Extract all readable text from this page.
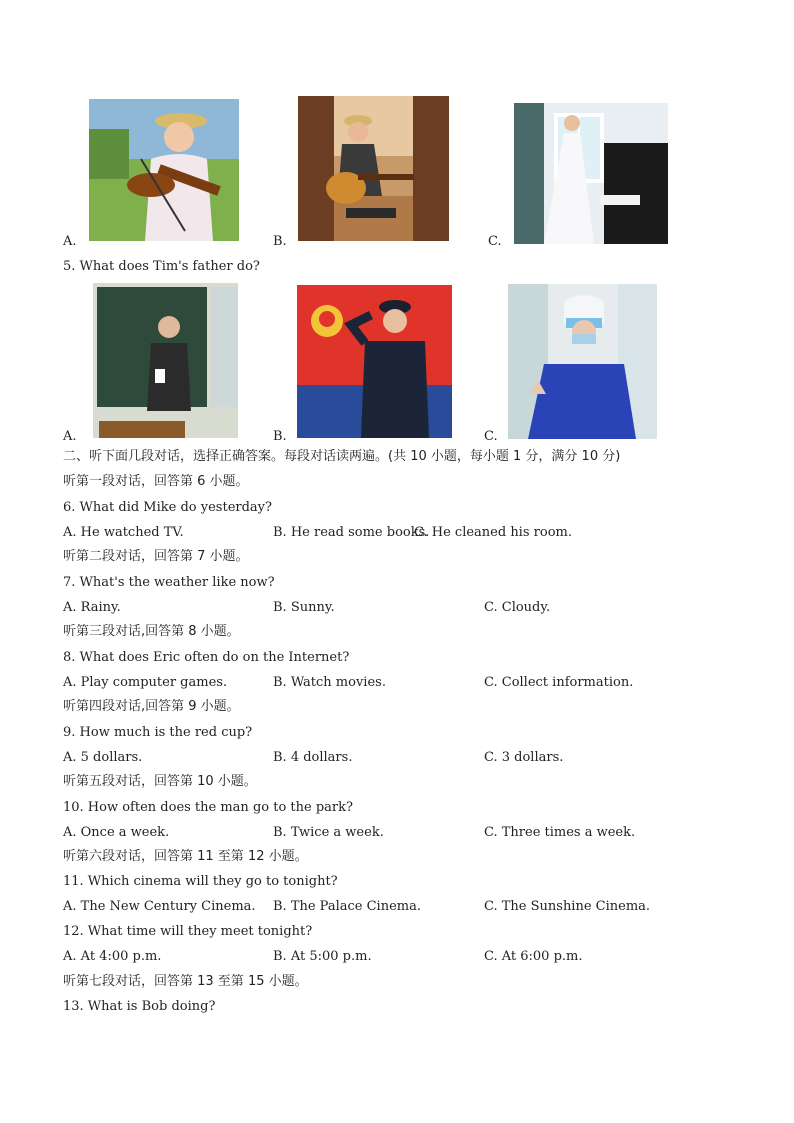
A.	B.	C.
5. What does Tim's father do?
A.	B.	C.
二、听下面几段对话，选择正确答案。每段对话读两遍。(共 10 小题，每小题 1 分，满分 10 分)
听第一段对话，回答第 6 小题。
6. What did Mike do yesterday?
A. He watched TV.	B. He read some books.
C. He cleaned his room.
听第二段对话，回答第 7 小题。
7. What's the weather like now?
A. Rainy.	B. Sunny.	C. Cloudy.
听第三段对话,回答第 8 小题。
8. What does Eric often do on the Internet?
A. Play computer games.	B. Watch movies.	C. Collect information.
听第四段对话,回答第 9 小题。
9. How much is the red cup?
A. 5 dollars.	B. 4 dollars.	C. 3 dollars.
听第五段对话，回答第 10 小题。
10. How often does the man go to the park?
A. Once a week.	B. Twice a week.	C. Three times a week.
听第六段对话，回答第 11 至第 12 小题。
11. Which cinema will they go to tonight?
A. The New Century Cinema. B. The Palace Cinema.	C. The Sunshine Cinema.
12. What time will they meet tonight?
A. At 4:00 p.m.	B. At 5:00 p.m.	C. At 6:00 p.m.
听第七段对话，回答第 13 至第 15 小题。
13. What is Bob doing?
